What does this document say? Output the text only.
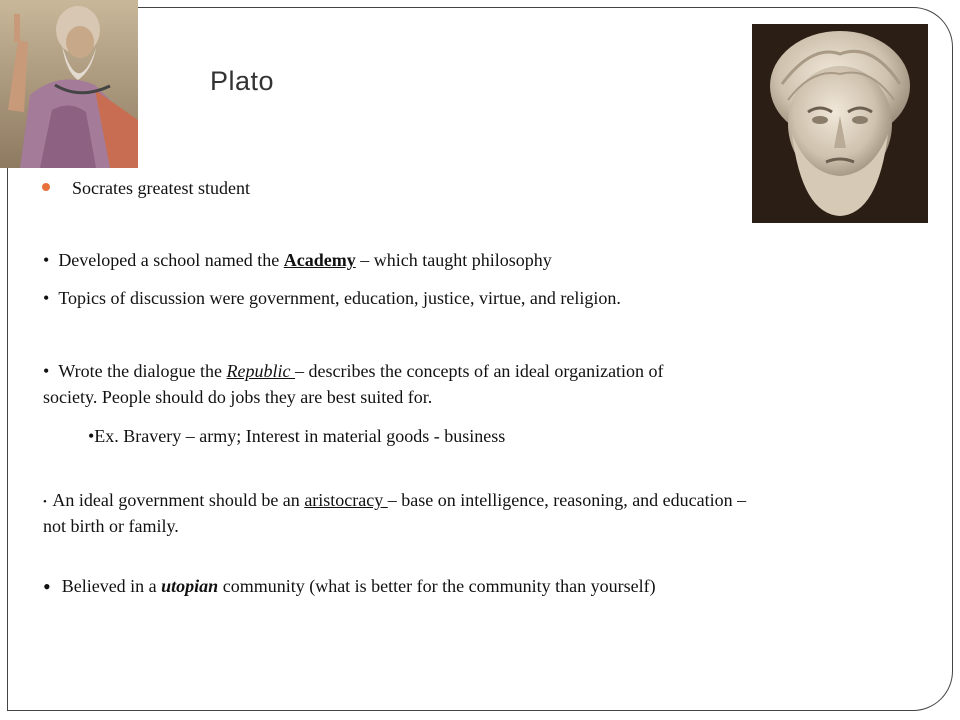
Plato
Socrates greatest student
•  Developed a school named the Academy – which taught philosophy
•  Topics of discussion were government, education, justice, virtue, and religion.
•  Wrote the dialogue the Republic – describes the concepts of an ideal organization of
society. People should do jobs they are best suited for.
•Ex. Bravery – army; Interest in material goods - business
•  An ideal government should be an aristocracy – base on intelligence, reasoning, and education –
not birth or family.
•  Believed in a utopian community (what is better for the community than yourself)
